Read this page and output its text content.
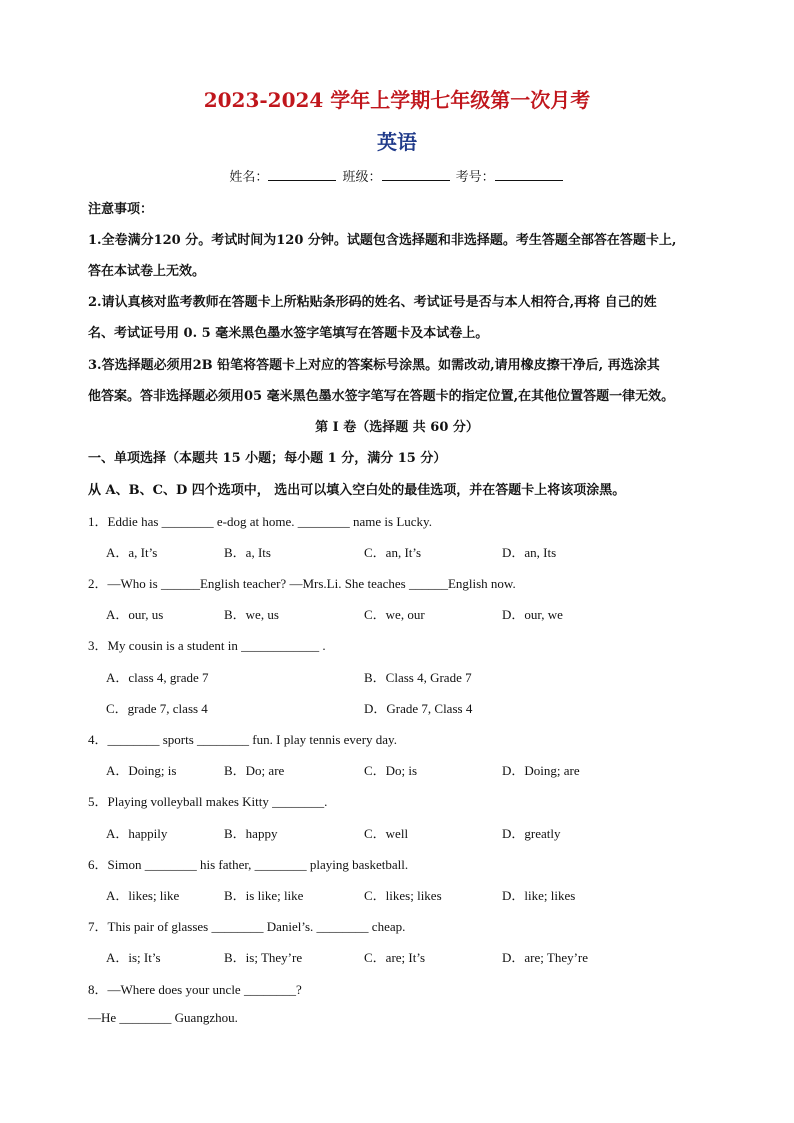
2023-2024 学年上学期七年级第一次月考
英语
姓名：	班级：	考号：
注意事项：
1.全卷满分120 分。考试时间为120 分钟。试题包含选择题和非选择题。考生答题全部答在答题卡上,
答在本试卷上无效。
2.请认真核对监考教师在答题卡上所粘贴条形码的姓名、考试证号是否与本人相符合,再将 自己的姓
名、考试证号用 0. 5 毫米黑色墨水签字笔填写在答题卡及本试卷上。
3.答选择题必须用2B 铅笔将答题卡上对应的答案标号涂黑。如需改动,请用橡皮擦干净后, 再选涂其
他答案。答非选择题必须用05 毫米黑色墨水签字笔写在答题卡的指定位置,在其他位置答题一律无效。
第 I 卷（选择题 共 60 分）
一、单项选择（本题共 15 小题；每小题 1 分，满分 15 分）
从 A、B、C、D 四个选项中， 选出可以填入空白处的最佳选项，并在答题卡上将该项涂黑。
1．Eddie has ________ e-dog at home. ________ name is Lucky.
A．a, It’s	B．a, Its	C．an, It’s	D．an, Its
2．—Who is ______English teacher? —Mrs.Li. She teaches ______English now.
A．our, us	B．we, us	C．we, our	D．our, we
3．My cousin is a student in ____________ .
A．class 4, grade 7	B．Class 4, Grade 7
C．grade 7, class 4	D．Grade 7, Class 4
4．________ sports ________ fun. I play tennis every day.
A．Doing; is	B．Do; are	C．Do; is	D．Doing; are
5．Playing volleyball makes Kitty ________.
A．happily	B．happy	C．well	D．greatly
6．Simon ________ his father, ________ playing basketball.
A．likes; like	B．is like; like	C．likes; likes	D．like; likes
7．This pair of glasses ________ Daniel’s. ________ cheap.
A．is; It’s	B．is; They’re	C．are; It’s	D．are; They’re
8．—Where does your uncle ________?
—He ________ Guangzhou.
